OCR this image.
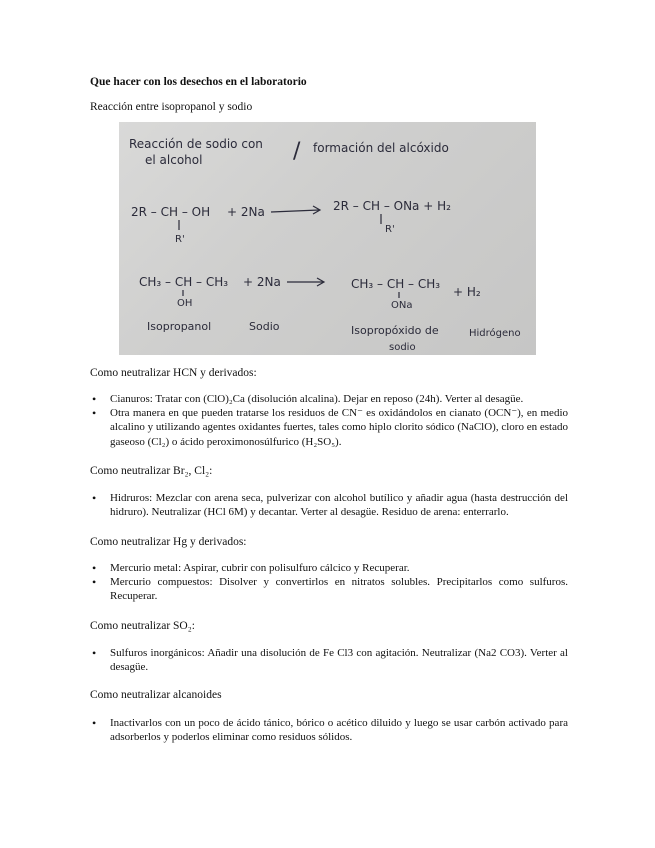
Que hacer con los desechos en el laboratorio
Reacción entre isopropanol y sodio
Reacción de sodio con
el alcohol	/ formación del alcóxido
2R – CH – OH
R'
+ 2Na	2R – CH – ONa + H₂
R'
CH₃ – CH – CH₃
OH
+ 2Na	CH₃ – CH – CH₃
ONa
+ H₂
Isopropanol	Sodio	Isopropóxido de
sodio
Hidrógeno
Como neutralizar HCN y derivados:
• Cianuros: Tratar con (ClO)₂Ca (disolución alcalina). Dejar en reposo (24h). Verter al desagüe.
• Otra manera en que pueden tratarse los residuos de CN⁻ es oxidándolos en cianato (OCN⁻), en medio alcalino y utilizando agentes oxidantes fuertes, tales como hiplo clorito sódico (NaClO), cloro en estado gaseoso (Cl₂) o ácido peroximonosúlfurico (H₂SO₅).
Como neutralizar Br₂, Cl₂:
• Hidruros: Mezclar con arena seca, pulverizar con alcohol butílico y añadir agua (hasta destrucción del hidruro). Neutralizar (HCl 6M) y decantar. Verter al desagüe. Residuo de arena: enterrarlo.
Como neutralizar Hg y derivados:
• Mercurio metal: Aspirar, cubrir con polisulfuro cálcico y Recuperar.
• Mercurio compuestos: Disolver y convertirlos en nitratos solubles. Precipitarlos como sulfuros. Recuperar.
Como neutralizar SO₂:
• Sulfuros inorgánicos: Añadir una disolución de Fe Cl3 con agitación. Neutralizar (Na2 CO3). Verter al desagüe.
Como neutralizar alcanoides
• Inactivarlos con un poco de ácido tánico, bórico o acético diluido y luego se usar carbón activado para adsorberlos y poderlos eliminar como residuos sólidos.
